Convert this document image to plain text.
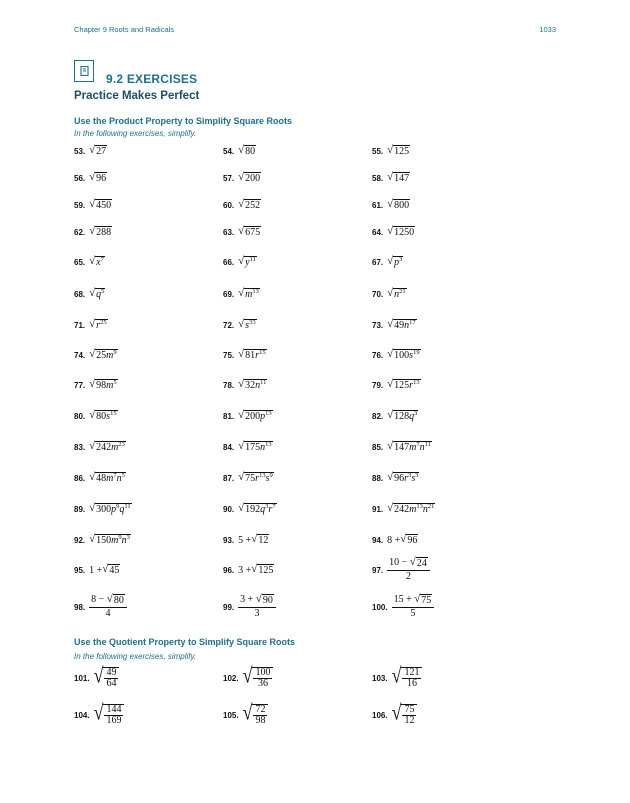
Chapter 9 Roots and Radicals	1033
9.2 EXERCISES
Practice Makes Perfect
Use the Product Property to Simplify Square Roots
In the following exercises, simplify.
53. √ 27	54. √ 80	55. √ 125
56. √ 96	57. √ 200	58. √ 147
59. √ 450	60. √ 252	61. √ 800
62. √ 288	63. √ 675	64. √ 1250
65. √ $x^7$	66. √ $y^{11}$	67. √ $p^3$
68. √ $q^5$	69. √ $m^{13}$	70. √ $n^{21}$
71. √ $r^{25}$	72. √ $s^{33}$	73. √ $49n^{17}$
74. √ $25m^9$	75. √ $81r^{15}$	76. √ $100s^{19}$
77. √ $98m^5$	78. √ $32n^{11}$	79. √ $125r^{13}$
80. √ $80s^{15}$	81. √ $200p^{13}$	82. √ $128q^3$
83. √ $242m^{23}$	84. √ $175n^{13}$	85. √ $147m^7n^{11}$
86. √ $48m^7n^5$	87. √ $75r^{13}s^9$	88. √ $96r^3s^3$
89. √ $300p^9q^{11}$	90. √ $192q^3r^7$	91. √ $242m^{13}n^{21}$
92. √ $150m^9n^3$	93. 5 + √ 12	94. 8 + √ 96
95. 1 + √ 45	96. 3 + √ 125	97. $\frac{10 - √ 24}{2}$
98. $\frac{8 - √ 80}{4}$	99. $\frac{3 + √ 90}{3}$	100. $\frac{15 + √ 75}{5}$
Use the Quotient Property to Simplify Square Roots
In the following exercises, simplify.
101. √ $\frac{49}{64}$	102. √ $\frac{100}{36}$	103. √ $\frac{121}{16}$
104. √ $\frac{144}{169}$	105. √ $\frac{72}{98}$	106. √ $\frac{75}{12}$
